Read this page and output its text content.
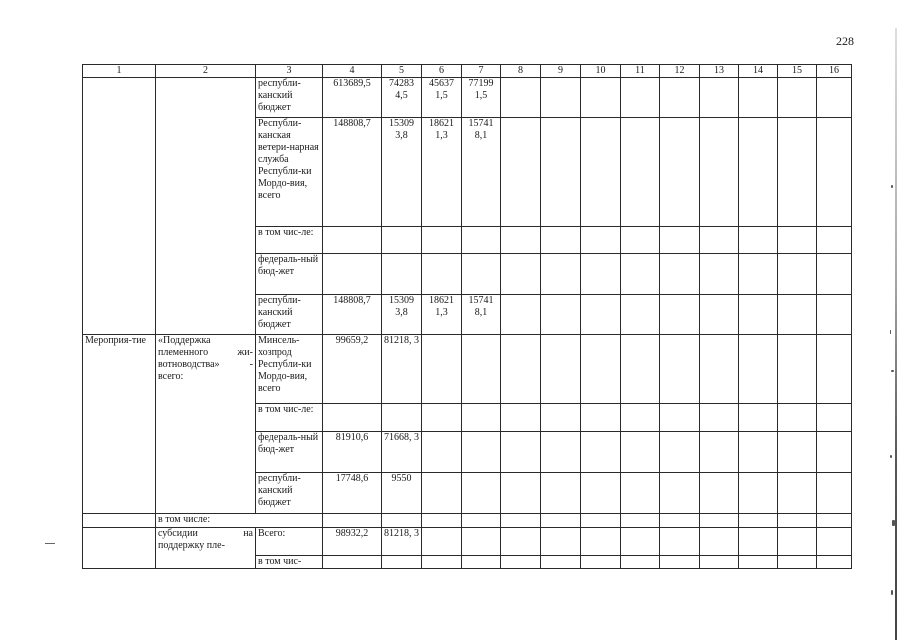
228
1	2	3	4	5	6	7	8	9	10	11	12	13	14	15	16
		республи-канский бюджет	613689,5	74283 4,5	45637 1,5	77199 1,5									
		Республи-канская ветери-нарная служба Республи-ки Мордо-вия, всего	148808,7	15309 3,8	18621 1,3	15741 8,1									
		в том чис-ле:													
		федераль-ный бюд-жет													
		республи-канский бюджет	148808,7	15309 3,8	18621 1,3	15741 8,1									
Мероприя-тие	«Поддержка племенного жи-вотноводства» - всего:	Минсель-хозпрод Республи-ки Мордо-вия, всего	99659,2	81218, 3											
		в том чис-ле:													
		федераль-ный бюд-жет	81910,6	71668, 3											
		республи-канский бюджет	17748,6	9550											
	в том числе:														
	субсидии на поддержку пле-	Всего:	98932,2	81218, 3											
		в том чис-													
